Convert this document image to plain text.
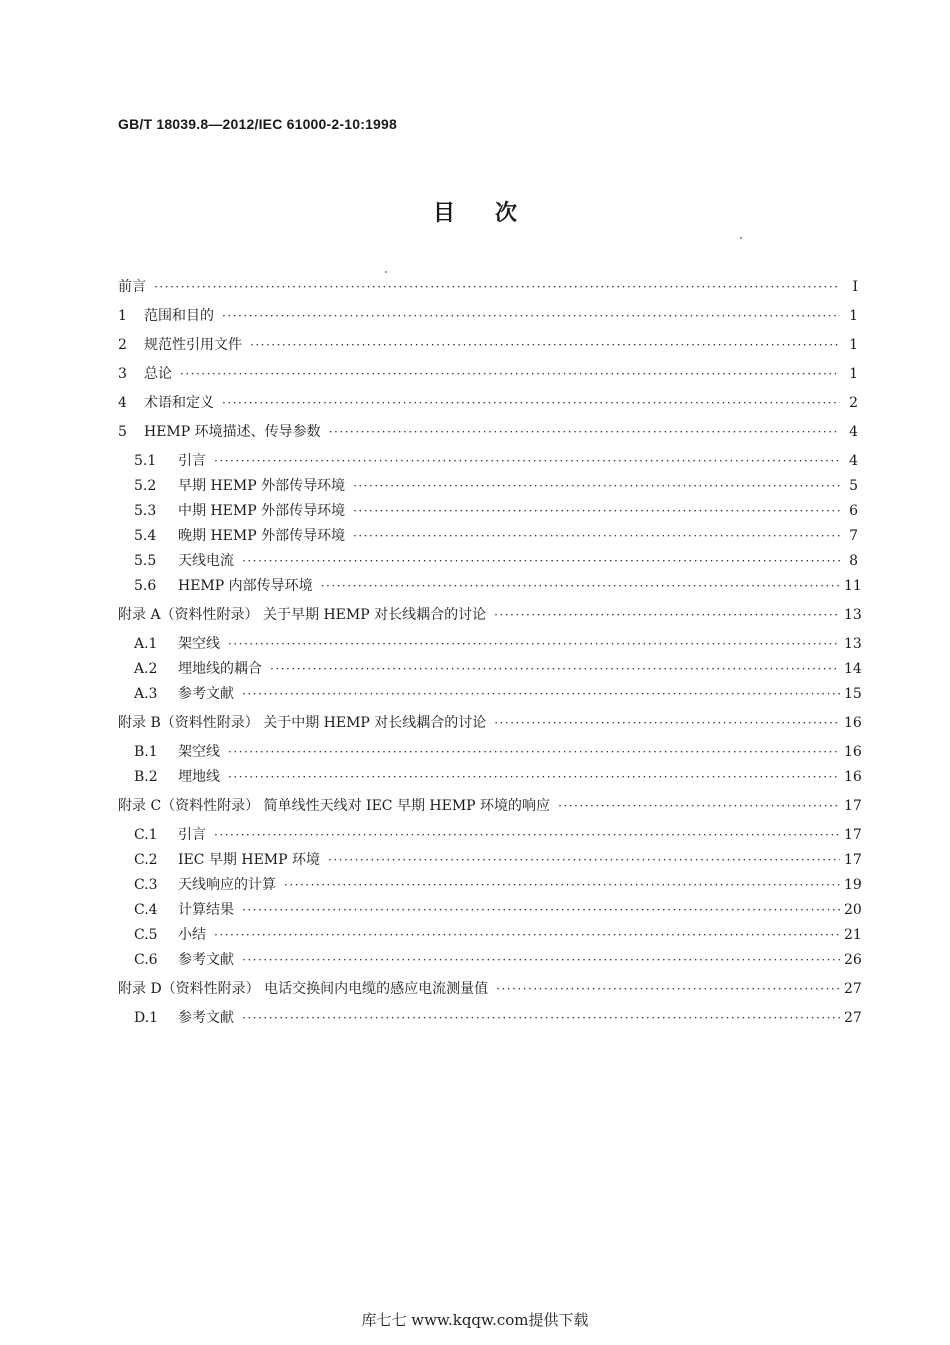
GB/T 18039.8—2012/IEC 61000-2-10:1998
目次
前言 ·····	Ⅰ
1	范围和目的 ·····	1
2	规范性引用文件 ·····	1
3	总论 ·····	1
4	术语和定义 ·····	2
5	HEMP 环境描述、传导参数 ·····	4
5.1	引言 ·····	4
5.2	早期 HEMP 外部传导环境 ·····	5
5.3	中期 HEMP 外部传导环境 ·····	6
5.4	晚期 HEMP 外部传导环境 ·····	7
5.5	天线电流 ·····	8
5.6	HEMP 内部传导环境 ·····	11
附录 A（资料性附录） 关于早期 HEMP 对长线耦合的讨论 ·····	13
A.1	架空线 ·····	13
A.2	埋地线的耦合 ·····	14
A.3	参考文献 ·····	15
附录 B（资料性附录） 关于中期 HEMP 对长线耦合的讨论 ·····	16
B.1	架空线 ·····	16
B.2	埋地线 ·····	16
附录 C（资料性附录） 简单线性天线对 IEC 早期 HEMP 环境的响应 ·····	17
C.1	引言 ·····	17
C.2	IEC 早期 HEMP 环境 ·····	17
C.3	天线响应的计算 ·····	19
C.4	计算结果 ·····	20
C.5	小结 ·····	21
C.6	参考文献 ·····	26
附录 D（资料性附录） 电话交换间内电缆的感应电流测量值 ·····	27
D.1	参考文献 ·····	27
库七七 www.kqqw.com提供下载
